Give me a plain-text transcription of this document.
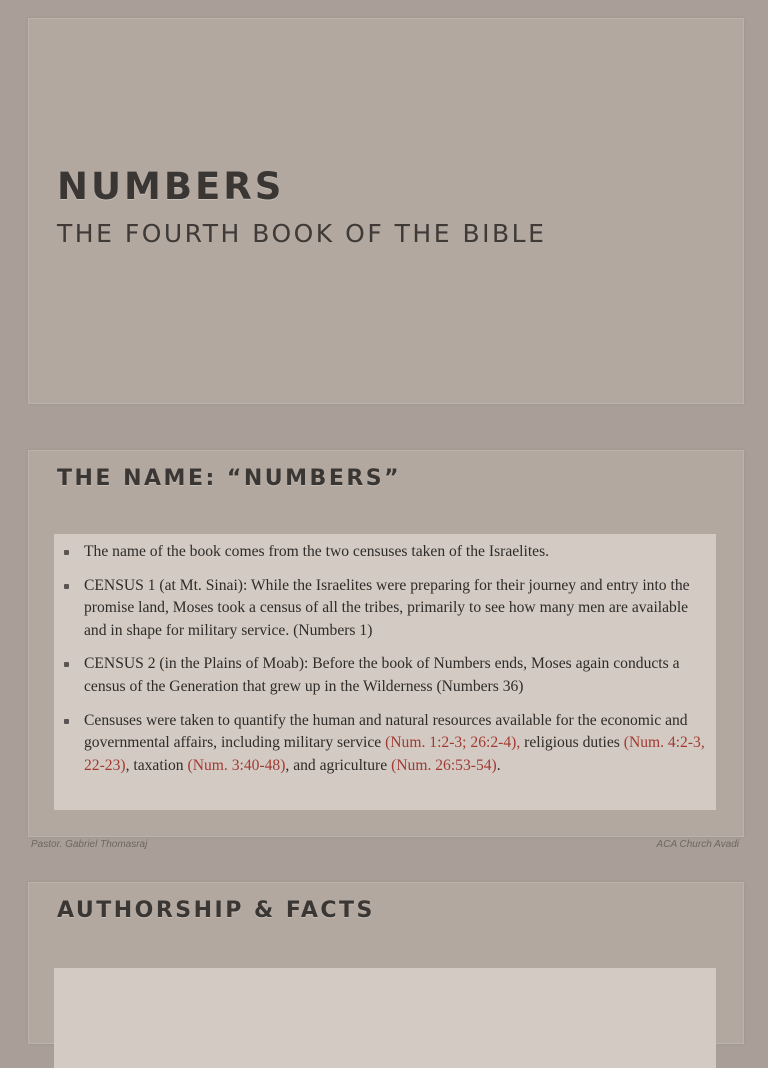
NUMBERS
THE FOURTH BOOK OF THE BIBLE
THE NAME: “NUMBERS”
The name of the book comes from the two censuses taken of the Israelites.
CENSUS 1 (at Mt. Sinai): While the Israelites were preparing for their journey and entry into the promise land, Moses took a census of all the tribes, primarily to see how many men are available and in shape for military service. (Numbers 1)
CENSUS 2 (in the Plains of Moab): Before the book of Numbers ends, Moses again conducts a census of the Generation that grew up in the Wilderness (Numbers 36)
Censuses were taken to quantify the human and natural resources available for the economic and governmental affairs, including military service (Num. 1:2-3; 26:2-4), religious duties (Num. 4:2-3, 22-23), taxation (Num. 3:40-48), and agriculture (Num. 26:53-54).
Pastor. Gabriel Thomasraj	ACA Church Avadi
AUTHORSHIP & FACTS
